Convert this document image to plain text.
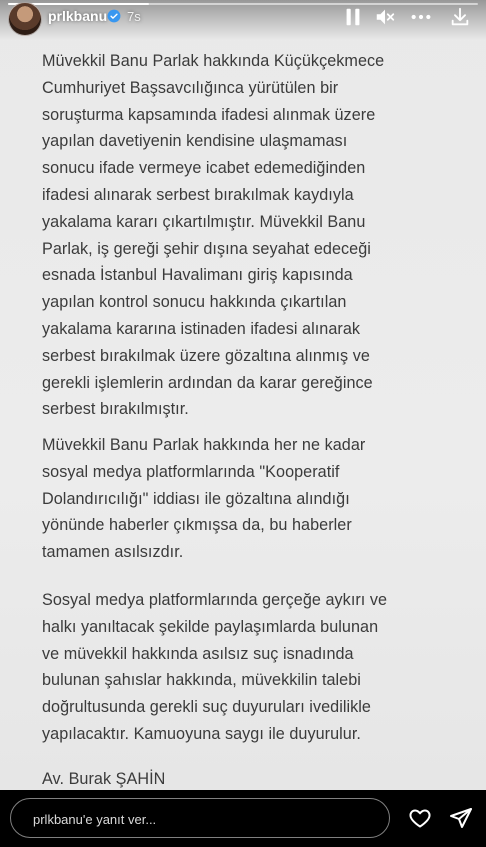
Müvekkil Banu Parlak hakkında Küçükçekmece
Cumhuriyet Başsavcılığınca yürütülen bir
soruşturma kapsamında ifadesi alınmak üzere
yapılan davetiyenin kendisine ulaşmaması
sonucu ifade vermeye icabet edemediğinden
ifadesi alınarak serbest bırakılmak kaydıyla
yakalama kararı çıkartılmıştır. Müvekkil Banu
Parlak, iş gereği şehir dışına seyahat edeceği
esnada İstanbul Havalimanı giriş kapısında
yapılan kontrol sonucu hakkında çıkartılan
yakalama kararına istinaden ifadesi alınarak
serbest bırakılmak üzere gözaltına alınmış ve
gerekli işlemlerin ardından da karar gereğince
serbest bırakılmıştır.

Müvekkil Banu Parlak hakkında her ne kadar
sosyal medya platformlarında "Kooperatif
Dolandırıcılığı" iddiası ile gözaltına alındığı
yönünde haberler çıkmışsa da, bu haberler
tamamen asılsızdır.

Sosyal medya platformlarında gerçeğe aykırı ve
halkı yanıltacak şekilde paylaşımlarda bulunan
ve müvekkil hakkında asılsız suç isnadında
bulunan şahıslar hakkında, müvekkilin talebi
doğrultusunda gerekli suç duyuruları ivedilikle
yapılacaktır. Kamuoyuna saygı ile duyurulur.

Av. Burak ŞAHİN

prlkbanu 7s
prlkbanu'e yanıt ver...
